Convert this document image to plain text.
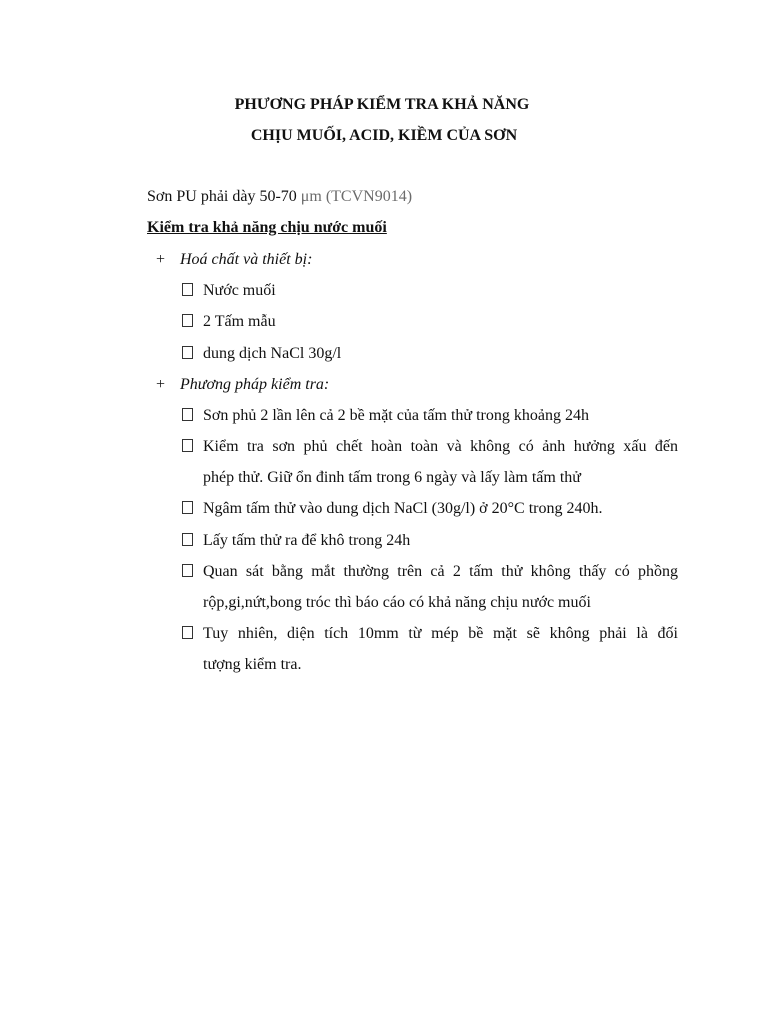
PHƯƠNG PHÁP KIỂM TRA KHẢ NĂNG

CHỊU MUỐI, ACID, KIỀM CỦA SƠN

Sơn PU phải dày 50-70 μm (TCVN9014)
Kiểm tra khả năng chịu nước muối
+ Hoá chất và thiết bị:
Nước muối
2 Tấm mẫu
dung dịch NaCl 30g/l
+ Phương pháp kiểm tra:
Sơn phủ 2 lần lên cả 2 bề mặt của tấm thử trong khoảng 24h
Kiểm tra sơn phủ chết hoàn toàn và không có ảnh hưởng xấu đến
phép thử. Giữ ổn đinh tấm trong 6 ngày và lấy làm tấm thử
Ngâm tấm thử vào dung dịch NaCl (30g/l) ở 20°C trong 240h.
Lấy tấm thử ra để khô trong 24h
Quan sát bằng mắt thường trên cả 2 tấm thử không thấy có phồng
rộp,gi,nứt,bong tróc thì báo cáo có khả năng chịu nước muối
Tuy nhiên, diện tích 10mm từ mép bề mặt sẽ không phải là đối
tượng kiểm tra.
